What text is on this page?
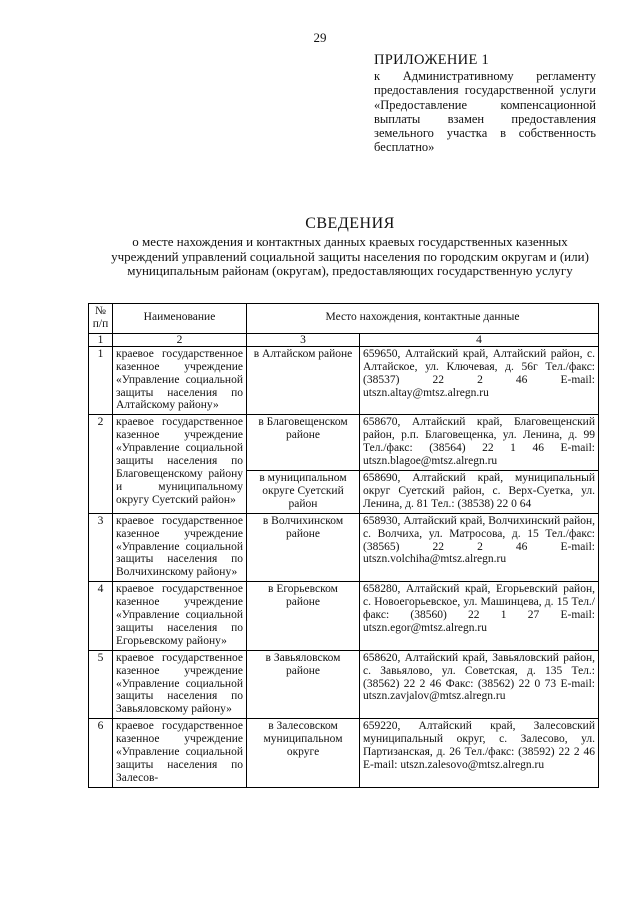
29
ПРИЛОЖЕНИЕ 1
к Административному регламенту предоставления государственной услуги «Предоставление компенсационной выплаты взамен предоставления земельного участка в собственность бесплатно»
СВЕДЕНИЯ
о месте нахождения и контактных данных краевых государственных казенных учреждений управлений социальной защиты населения по городским округам и (или) муниципальным районам (округам), предоставляющих государственную услугу
№ п/п	Наименование	Место нахождения, контактные данные	
1	2	3	4
1	краевое государственное казенное учреждение «Управление социальной защиты населения по Алтайскому району»	в Алтайском районе	659650, Алтайский край, Алтайский район, с. Алтайское, ул. Ключевая, д. 56г Тел./факс: (38537) 22 2 46 E-mail: utszn.altay@mtsz.alregn.ru
2	краевое государственное казенное учреждение «Управление социальной защиты населения по Благовещенскому району и муниципальному округу Суетский район»	в Благовещенском районе	658670, Алтайский край, Благовещенский район, р.п. Благовещенка, ул. Ленина, д. 99 Тел./факс: (38564) 22 1 46 E-mail: utszn.blagoe@mtsz.alregn.ru
		в муниципальном округе Суетский район	658690, Алтайский край, муниципальный округ Суетский район, с. Верх-Суетка, ул. Ленина, д. 81 Тел.: (38538) 22 0 64
3	краевое государственное казенное учреждение «Управление социальной защиты населения по Волчихинскому району»	в Волчихинском районе	658930, Алтайский край, Волчихинский район, с. Волчиха, ул. Матросова, д. 15 Тел./факс: (38565) 22 2 46 E-mail: utszn.volchiha@mtsz.alregn.ru
4	краевое государственное казенное учреждение «Управление социальной защиты населения по Егорьевскому району»	в Егорьевском районе	658280, Алтайский край, Егорьевский район, с. Новоегорьевское, ул. Машинцева, д. 15 Тел./факс: (38560) 22 1 27 E-mail: utszn.egor@mtsz.alregn.ru
5	краевое государственное казенное учреждение «Управление социальной защиты населения по Завьяловскому району»	в Завьяловском районе	658620, Алтайский край, Завьяловский район, с. Завьялово, ул. Советская, д. 135 Тел.: (38562) 22 2 46 Факс: (38562) 22 0 73 E-mail: utszn.zavjalov@mtsz.alregn.ru
6	краевое государственное казенное учреждение «Управление социальной защиты населения по Залесов-	в Залесовском муниципальном округе	659220, Алтайский край, Залесовский муниципальный округ, с. Залесово, ул. Партизанская, д. 26 Тел./факс: (38592) 22 2 46 E-mail: utszn.zalesovo@mtsz.alregn.ru
